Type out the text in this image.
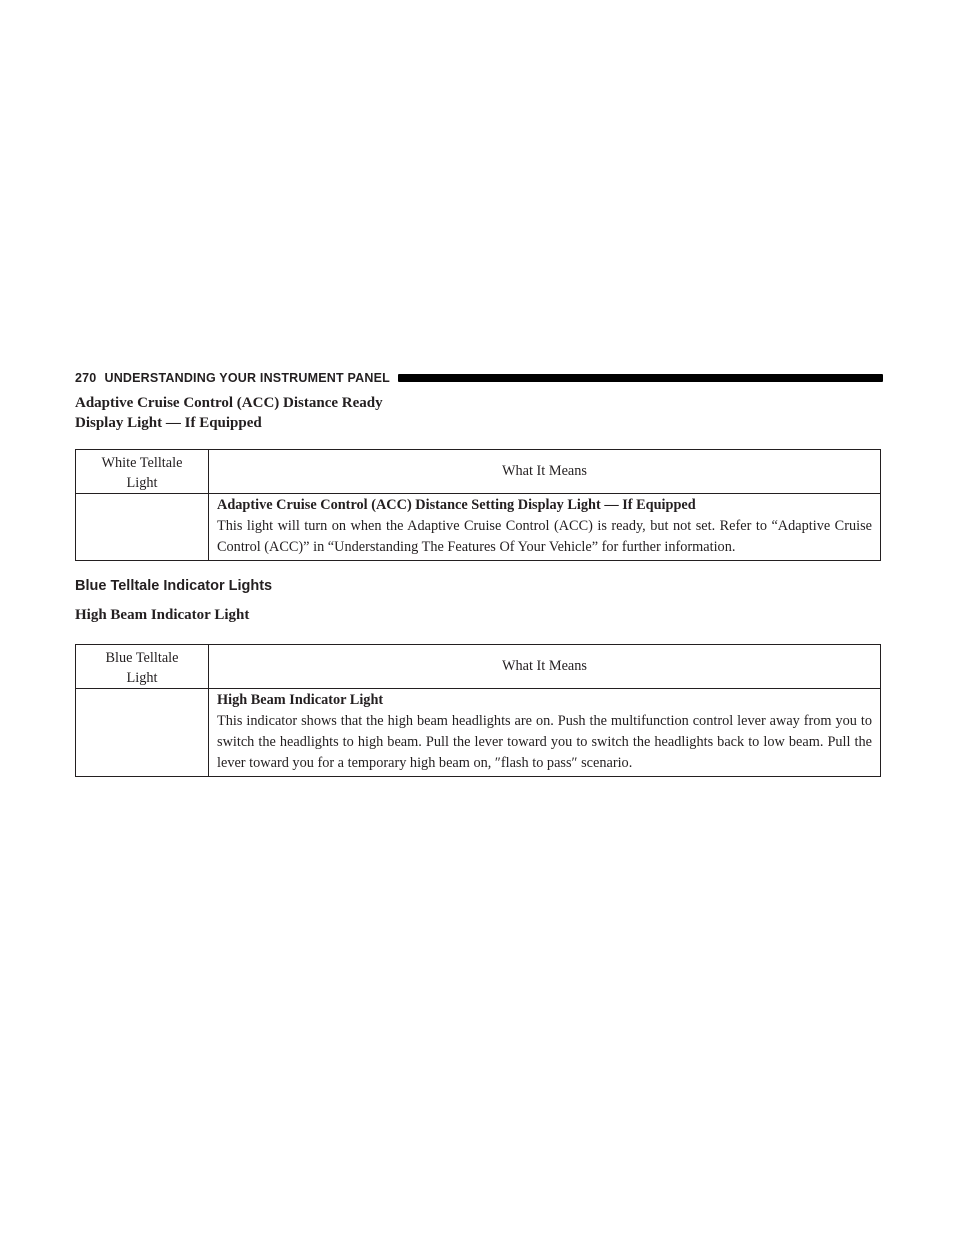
270 UNDERSTANDING YOUR INSTRUMENT PANEL
Adaptive Cruise Control (ACC) Distance Ready
Display Light — If Equipped
White Telltale
Light	What It Means

	Adaptive Cruise Control (ACC) Distance Setting Display Light — If Equipped
This light will turn on when the Adaptive Cruise Control (ACC) is ready, but not set. Refer to “Adaptive Cruise Control (ACC)” in “Understanding The Features Of Your Vehicle” for further information.
Blue Telltale Indicator Lights
High Beam Indicator Light
Blue Telltale
Light	What It Means

	High Beam Indicator Light
This indicator shows that the high beam headlights are on. Push the multifunction control lever away from you to switch the headlights to high beam. Pull the lever toward you to switch the headlights back to low beam. Pull the lever toward you for a temporary high beam on, ″flash to pass″ scenario.
